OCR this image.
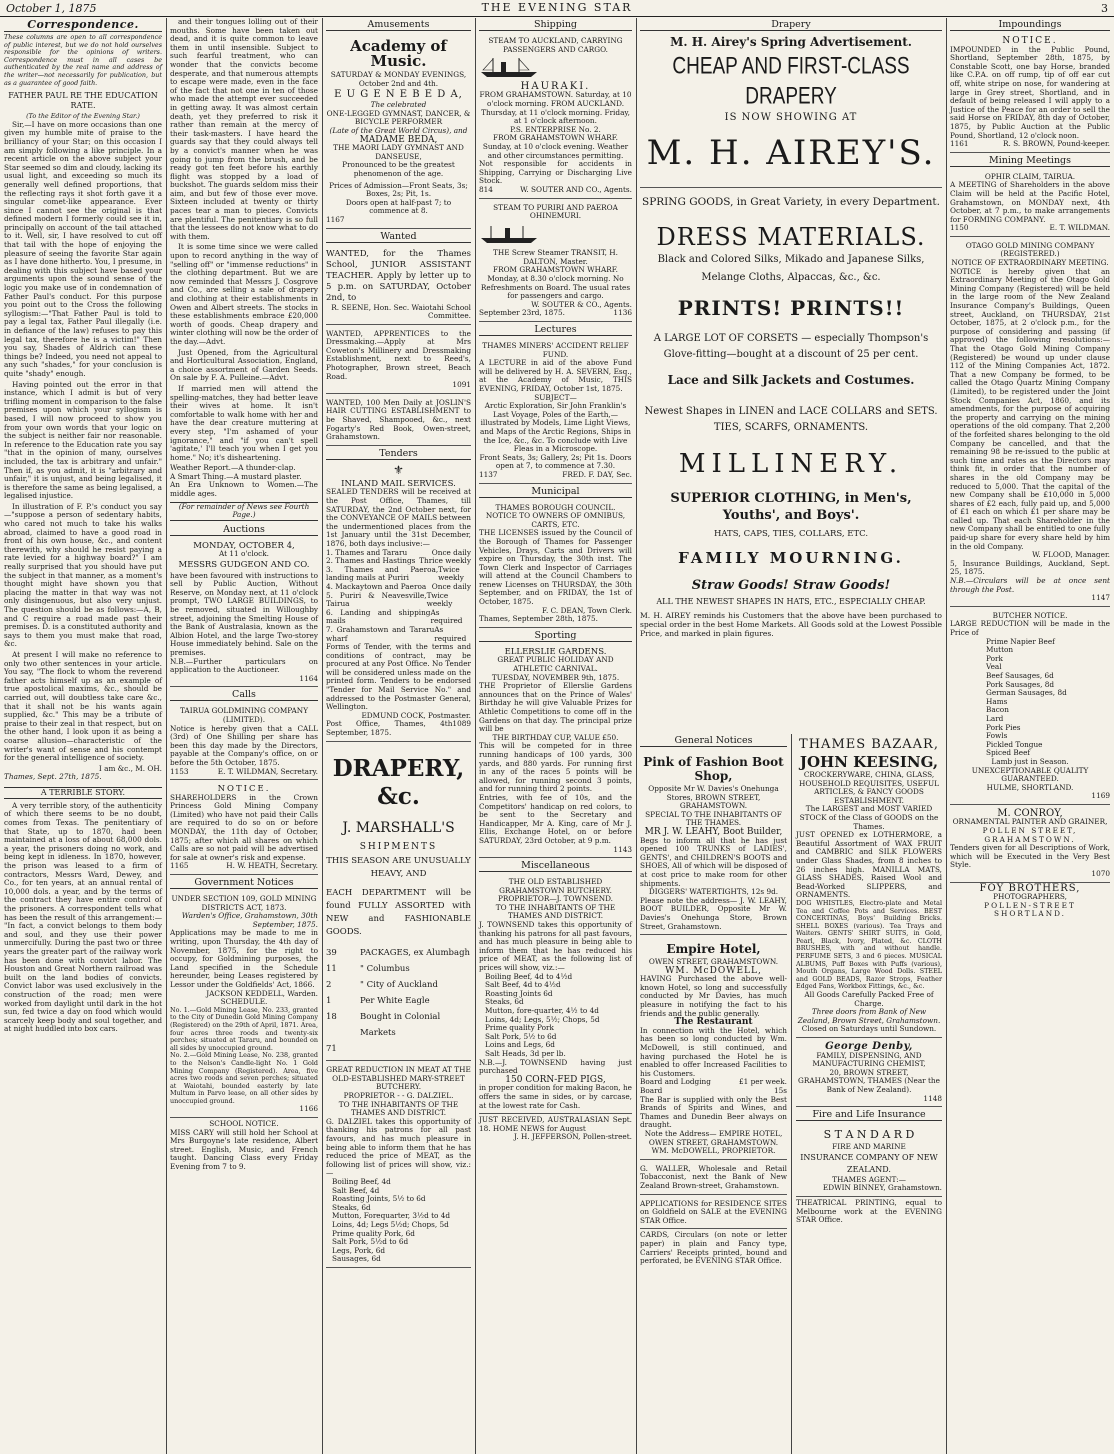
October 1, 1875	THE EVENING STAR	3
Correspondence.
These columns are open to all correspondence of public interest, but we do not hold ourselves responsible for the opinions of writers. Correspondence must in all cases be authenticated by the real name and address of the writer—not necessarily for publication, but as a guarantee of good faith.
FATHER PAUL RE THE EDUCATION RATE.
(To the Editor of the Evening Star.)

Sir,—I have on more occasions than one given my humble mite of praise to the brilliancy of your Star; on this occasion I am simply following a like principle. In a recent article on the above subject your Star seemed so dim and cloudy, lacking its usual light, and exceeding so much its generally well defined proportions, that the reflecting rays it shot forth gave it a singular comet-like appearance. Ever since I cannot see the original is that defined modern I formerly could see it in, principally on account of the tail attached to it. Well, sir, I have resolved to cut off that tail with the hope of enjoying the pleasure of seeing the favorite Star again as I have done hitherto. You, I presume, in dealing with this subject have based your arguments upon the sound sense of the logic you make use of in condemnation of Father Paul's conduct. For this purpose you point out to the Cross the following syllogism:—"That Father Paul is told to pay a legal tax, Father Paul illegally (i.e. in defiance of the law) refuses to pay this legal tax, therefore he is a victim!" Then you say, Shades of Aldrich can these things be? Indeed, you need not appeal to any such "shades," for your conclusion is quite "shady" enough.

Having pointed out the error in that instance, which I admit is but of very trifling moment in comparison to the false premises upon which your syllogism is based, I will now proceed to show you from your own words that your logic on the subject is neither fair nor reasonable. In reference to the Education rate you say "that in the opinion of many, ourselves included, the tax is arbitrary and unfair." Then if, as you admit, it is "arbitrary and unfair," it is unjust, and being legalised, it is therefore the same as being legalised, a legalised injustice.

In illustration of F. P.'s conduct you say—"suppose a person of sedentary habits, who cared not much to take his walks abroad, claimed to have a good road in front of his own house, &c., and content therewith, why should he resist paying a rate levied for a highway board?" I am really surprised that you should have put the subject in that manner, as a moment's thought might have shown you that placing the matter in that way was not only disingenuous, but also very unjust. The question should be as follows:—A, B, and C require a road made past their premises. D. is a constituted authority and says to them you must make that road, &c.

At present I will make no reference to only two other sentences in your article. You say, "The flock to whom the reverend father acts himself up as an example of true apostolical maxims, &c., should be carried out, will doubtless take care &c., that it shall not be his wants again supplied, &c." This may be a tribute of praise to their zeal in that respect, but on the other hand, I look upon it as being a coarse allusion—characteristic of the writer's want of sense and his contempt for the general intelligence of society.

I am &c., M. OH.
Thames, Sept. 27th, 1875.
A TERRIBLE STORY.

A very terrible story, of the authenticity of which there seems to be no doubt, comes from Texas. The penitentiary of that State, up to 1870, had been maintained at a loss of about 68,000 dols. a year, the prisoners doing no work, and being kept in idleness. In 1870, however, the prison was leased to a firm of contractors, Messrs Ward, Dewey, and Co., for ten years, at an annual rental of 10,000 dols. a year, and by the terms of the contract they have entire control of the prisoners. A correspondent tells what has been the result of this arrangement:— "In fact, a convict belongs to them body and soul, and they use their power unmercifully. During the past two or three years the greater part of the railway work has been done with convict labor. The Houston and Great Northern railroad was built on the land bodies of convicts. Convict labor was used exclusively in the construction of the road; men were worked from daylight until dark in the hot sun, fed twice a day on food which would scarcely keep body and soul together, and at night huddled into box cars.

and their tongues lolling out of their mouths. Some have been taken out dead, and it is quite common to leave them in until insensible. Subject to such fearful treatment, who can wonder that the convicts become desperate, and that numerous attempts to escape were made, even in the face of the fact that not one in ten of those who made the attempt ever succeeded in getting away. It was almost certain death, yet they preferred to risk it rather than remain at the mercy of their task-masters. I have heard the guards say that they could always tell by a convict's manner when he was going to jump from the brush, and be ready got ten feet before his earthly flight was stopped by a load of buckshot. The guards seldom miss their aim, and but few of those ever move. Sixteen included at twenty or thirty paces tear a man to pieces. Convicts are plentiful. The penitentiary is so full that the lessees do not know what to do with them.

It is some time since we were called upon to record anything in the way of "selling off" or "immense reductions" in the clothing department. But we are now reminded that Messrs J. Cosgrove and Co., are selling a sale of drapery and clothing at their establishments in Owen and Albert streets. The stocks in these establishments embrace £20,000 worth of goods. Cheap drapery and winter clothing will now be the order of the day.—Advt.

Just Opened, from the Agricultural and Horticultural Association, England, a choice assortment of Garden Seeds. On sale by F. A. Pulleine.—Advt.

If married men will attend the spelling-matches, they had better leave their wives at home. It isn't comfortable to walk home with her and have the dear creature muttering at every step, "I'm ashamed of your ignorance," and "if you can't spell 'agitate,' I'll teach you when I get you home." No; it's disheartening.

Weather Report.—A thunder-clap.
A Smart Thing.—A mustard plaster.
An Era Unknown to Women.—The middle ages.
(For remainder of News see Fourth Page.)
Auctions
MONDAY, OCTOBER 4,
At 11 o'clock.
MESSRS GUDGEON AND CO.
have been favoured with instructions to sell by Public Auction, Without Reserve, on Monday next, at 11 o'clock prompt, TWO LARGE BUILDINGS, to be removed, situated in Willoughby street, adjoining the Smelting House of the Bank of Australasia, known as the Albion Hotel, and the large Two-storey House immediately behind. Sale on the premises.
N.B.—Further particulars on application to the Auctioneer.
1164
Calls
TAIRUA GOLDMINING COMPANY (LIMITED).
Notice is hereby given that a CALL (3rd) of One Shilling per share has been this day made by the Directors, payable at the Company's office, on or before the 5th October, 1875.
1153	E. T. WILDMAN, Secretary.
NOTICE.
SHAREHOLDERS in the Crown Princess Gold Mining Company (Limited) who have not paid their Calls are required to do so on or before MONDAY, the 11th day of October, 1875; after which all shares on which Calls are so not paid will be advertised for sale at owner's risk and expense.
1165	H. W. HEATH, Secretary.
Government Notices
UNDER SECTION 109, GOLD MINING DISTRICTS ACT, 1873.
Warden's Office, Grahamstown, 30th September, 1875.
Applications may be made to me in writing, upon Thursday, the 4th day of November, 1875, for the right to occupy, for Goldmining purposes, the Land specified in the Schedule hereunder, being Leases registered by Lessor under the Goldfields' Act, 1866.
JACKSON KEDDELL, Warden.
SCHEDULE.
No. 1.—Gold Mining Lease, No. 233, granted to the City of Dunedin Gold Mining Company (Registered) on the 29th of April, 1871. Area, four acres three roods and twenty-six perches; situated at Tararu, and bounded on all sides by unoccupied ground.
No. 2.—Gold Mining Lease, No. 238, granted to the Nelson's Candle-light No. 1 Gold Mining Company (Registered). Area, five acres two roods and seven perches; situated at Waiotahi, bounded easterly by late Multum in Parvo lease, on all other sides by unoccupied ground.
1166
SCHOOL NOTICE.
MISS CARY will still hold her School at Mrs Burgoyne's late residence, Albert street. English, Music, and French taught. Dancing Class every Friday Evening from 7 to 9.
Amusements
Academy of Music.
SATURDAY & MONDAY EVENINGS, October 2nd and 4th.
E U G E N E B E D A,
The celebrated
ONE-LEGGED GYMNAST, DANCER, & BICYCLE PERFORMER
(Late of the Great World Circus), and
MADAME BEDA,
THE MAORI LADY GYMNAST AND DANSEUSE,
Pronounced to be the greatest phenomenon of the age.
Prices of Admission—Front Seats, 3s; Boxes, 2s; Pit, 1s.
Doors open at half-past 7; to commence at 8.
1167
Wanted
WANTED, for the Thames School, JUNIOR ASSISTANT TEACHER. Apply by letter up to 5 p.m. on SATURDAY, October 2nd, to
R. SEENE, Hon. Sec. Waiotahi School Committee.
WANTED, APPRENTICES to the Dressmaking.—Apply at Mrs Coweton's Millinery and Dressmaking Establishment, next to Reed's, Photographer, Brown street, Beach Road.
1091
WANTED, 100 Men Daily at JOSLIN'S HAIR CUTTING ESTABLISHMENT to be Shaved, Shampooed, &c., next Fogarty's Red Book, Owen-street, Grahamstown.
Tenders
⚜
INLAND MAIL SERVICES.
SEALED TENDERS will be received at the Post Office, Thames, till SATURDAY, the 2nd October next, for the CONVEYANCE OF MAILS between the undermentioned places from the 1st January until the 31st December, 1876, both days inclusive:—
1. Thames and Tararu	Once daily
2. Thames and Hastings Thrice weekly
3. Thames and Paeroa, landing mails at Puriri
Twice weekly
4. Mackaytown and Paeroa Once daily
5. Puriri & Neavesville, Tairua
Twice weekly
6. Landing and shipping mails
As required
7. Grahamstown and Tararu wharf
As required
Forms of Tender, with the terms and conditions of contract, may be procured at any Post Office. No Tender will be considered unless made on the printed form. Tenders to be endorsed "Tender for Mail Service No." and addressed to the Postmaster General, Wellington.
EDMUND COCK, Postmaster.
Post Office, Thames, 4th September, 1875.
1089
DRAPERY, &c.
J. MARSHALL'S
SHIPMENTS
THIS SEASON ARE UNUSUALLY HEAVY, AND
EACH DEPARTMENT will be found FULLY ASSORTED with NEW and FASHIONABLE GOODS.
39	PACKAGES, ex Alumbagh
11	" Columbus
2	" City of Auckland
1	Per White Eagle
18	Bought in Colonial Markets
71
GREAT REDUCTION IN MEAT AT THE OLD-ESTABLISHED MARY-STREET BUTCHERY.
PROPRIETOR - - G. DALZIEL.
TO THE INHABITANTS OF THE THAMES AND DISTRICT.
G. DALZIEL takes this opportunity of thanking his patrons for all past favours, and has much pleasure in being able to inform them that he has reduced the price of MEAT, as the following list of prices will show, viz.:—
Boiling Beef, 4d
Salt Beef, 4d
Roasting Joints, 5½ to 6d
Steaks, 6d
Mutton, Forequarter, 3½d to 4d
Loins, 4d; Legs 5½d; Chops, 5d
Prime quality Pork, 6d
Salt Pork, 5½d to 6d
Legs, Pork, 6d
Sausages, 6d
Shipping
STEAM TO AUCKLAND, CARRYING PASSENGERS AND CARGO.
HAURAKI.
FROM GRAHAMSTOWN. Saturday, at 10 o'clock morning. FROM AUCKLAND. Thursday, at 11 o'clock morning. Friday, at 1 o'clock afternoon.
P.S. ENTERPRISE No. 2.
FROM GRAHAMSTOWN WHARF. Sunday, at 10 o'clock evening. Weather and other circumstances permitting.
Not responsible for accidents in Shipping, Carrying or Discharging Live Stock.
814	W. SOUTER AND CO., Agents.
STEAM TO PURIRI AND PAEROA OHINEMURI.
THE Screw Steamer TRANSIT, H. DALTON, Master.
FROM GRAHAMSTOWN WHARF. Monday, at 8.30 o'clock morning. No Refreshments on Board. The usual rates for passengers and cargo.
W. SOUTER & CO., Agents.
September 23rd, 1875.	1136
Lectures
THAMES MINERS' ACCIDENT RELIEF FUND.
A LECTURE in aid of the above Fund will be delivered by H. A. SEVERN, Esq., at the Academy of Music, THIS EVENING, FRIDAY, October 1st, 1875.
SUBJECT—
Arctic Exploration, Sir John Franklin's Last Voyage, Poles of the Earth,—illustrated by Models, Lime Light Views, and Maps of the Arctic Regions, Ships in the Ice, &c., &c. To conclude with Live Fleas in a Microscope.
Front Seats, 3s; Gallery, 2s; Pit 1s. Doors open at 7, to commence at 7.30.
1137	FRED. F. DAY, Sec.
Municipal
THAMES BOROUGH COUNCIL.
NOTICE TO OWNERS OF OMNIBUS, CARTS, ETC.
THE LICENSES issued by the Council of the Borough of Thames for Passenger Vehicles, Drays, Carts and Drivers will expire on Thursday, the 30th inst. The Town Clerk and Inspector of Carriages will attend at the Council Chambers to renew Licenses on THURSDAY, the 30th September, and on FRIDAY, the 1st of October, 1875.
F. C. DEAN, Town Clerk.
Thames, September 28th, 1875.
Sporting
ELLERSLIE GARDENS.
GREAT PUBLIC HOLIDAY AND ATHLETIC CARNIVAL.
TUESDAY, NOVEMBER 9th, 1875.
THE Proprietor of Ellerslie Gardens announces that on the Prince of Wales' Birthday he will give Valuable Prizes for Athletic Competitions to come off in the Gardens on that day. The principal prize will be
THE BIRTHDAY CUP, VALUE £50.
This will be competed for in three running handicaps of 100 yards, 300 yards, and 880 yards. For running first in any of the races 5 points will be allowed, for running second 3 points, and for running third 2 points.
Entries, with fee of 10s, and the Competitors' handicap on red colors, to be sent to the Secretary and Handicapper, Mr A. King, care of Mr J. Ellis, Exchange Hotel, on or before SATURDAY, 23rd October, at 9 p.m.
1143
Miscellaneous
THE OLD ESTABLISHED GRAHAMSTOWN BUTCHERY.
PROPRIETOR—J. TOWNSEND.
TO THE INHABITANTS OF THE THAMES AND DISTRICT.
J. TOWNSEND takes this opportunity of thanking his patrons for all past favours, and has much pleasure in being able to inform them that he has reduced his price of MEAT, as the following list of prices will show, viz.:—
Boiling Beef, 4d to 4½d
Salt Beef, 4d to 4½d
Roasting Joints 6d
Steaks, 6d
Mutton, fore-quarter, 4½ to 4d
Loins, 4d; Legs, 5½; Chops, 5d
Prime quality Pork
Salt Pork, 5½ to 6d
Loins and Legs, 6d
Salt Heads, 3d per lb.
N.B.—J. TOWNSEND having just purchased
150 CORN-FED PIGS,
in proper condition for making Bacon, he offers the same in sides, or by carcase, at the lowest rate for Cash.
JUST RECEIVED, AUSTRALASIAN Sept. 18. HOME NEWS for August
J. H. JEFFERSON, Pollen-street.
Drapery
M. H. Airey's Spring Advertisement.
CHEAP AND FIRST-CLASS DRAPERY
IS NOW SHOWING AT
M. H. AIREY'S.
SPRING GOODS, in Great Variety, in every Department.
DRESS MATERIALS.
Black and Colored Silks, Mikado and Japanese Silks, Melange Cloths, Alpaccas, &c., &c.
PRINTS! PRINTS!!
A LARGE LOT OF CORSETS — especially Thompson's Glove-fitting—bought at a discount of 25 per cent.
Lace and Silk Jackets and Costumes.
Newest Shapes in LINEN and LACE COLLARS and SETS. TIES, SCARFS, ORNAMENTS.
MILLINERY.
SUPERIOR CLOTHING, in Men's, Youths', and Boys'.
HATS, CAPS, TIES, COLLARS, ETC.
FAMILY MOURNING.
Straw Goods! Straw Goods!
ALL THE NEWEST SHAPES IN HATS, ETC., ESPECIALLY CHEAP.
M. H. AIREY reminds his Customers that the above have been purchased to special order in the best Home Markets. All Goods sold at the Lowest Possible Price, and marked in plain figures.
General Notices
Pink of Fashion Boot Shop,
Opposite Mr W. Davies's Onehunga Stores, BROWN STREET, GRAHAMSTOWN.
SPECIAL TO THE INHABITANTS OF THE THAMES.
MR J. W. LEAHY, Boot Builder,
Begs to inform all that he has just opened 100 TRUNKS of LADIES', GENTS', and CHILDREN'S BOOTS and SHOES, All of which will be disposed of at cost price to make room for other shipments.
DIGGERS' WATERTIGHTS, 12s 9d.
Please note the address— J. W. LEAHY, BOOT BUILDER, Opposite Mr W. Davies's Onehunga Store, Brown Street, Grahamstown.
Empire Hotel,
OWEN STREET, GRAHAMSTOWN.
WM. McDOWELL,
HAVING Purchased the above well-known Hotel, so long and successfully conducted by Mr Davies, has much pleasure in notifying the fact to his friends and the public generally.
The Restaurant
In connection with the Hotel, which has been so long conducted by Wm. McDowell, is still continued, and having purchased the Hotel he is enabled to offer Increased Facilities to his Customers.
Board and Lodging	£1 per week.
Board	15s
The Bar is supplied with only the Best Brands of Spirits and Wines, and Thames and Dunedin Beer always on draught.
Note the Address— EMPIRE HOTEL, OWEN STREET, GRAHAMSTOWN. WM. McDOWELL, PROPRIETOR.
G. WALLER, Wholesale and Retail Tobacconist, next the Bank of New Zealand Brown-street, Grahamstown.
APPLICATIONS for RESIDENCE SITES on Goldfield on SALE at the EVENING STAR Office.
CARDS, Circulars (on note or letter paper) in plain and Fancy type, Carriers' Receipts printed, bound and perforated, be EVENING STAR Office.
THAMES BAZAAR,
JOHN KEESING,
CROCKERYWARE, CHINA, GLASS, HOUSEHOLD REQUISITES, USEFUL ARTICLES, & FANCY GOODS ESTABLISHMENT.
The LARGEST and MOST VARIED STOCK of the Class of GOODS on the Thames.
JUST OPENED ex LOTHERMORE, a Beautiful Assortment of WAX FRUIT and CAMBRIC and SILK FLOWERS under Glass Shades, from 8 inches to 26 inches high. MANILLA MATS, GLASS SHADES, Raised Wool and Bead-Worked SLIPPERS, and ORNAMENTS.
DOG WHISTLES, Electro-plate and Metal Tea and Coffee Pots and Services. BEST CONCERTINAS, Boys' Building Bricks. SHELL BOXES (various). Tea Trays and Waiters. GENTS' SHIRT SUITS, in Gold, Pearl, Black, Ivory, Plated, &c. CLOTH BRUSHES, with and without handle. PERFUME SETS, 3 and 6 pieces. MUSICAL ALBUMS, Puff Boxes with Puffs (various), Mouth Organs, Large Wood Dolls. STEEL and GOLD BEADS, Razor Strops, Feather Edged Fans, Workbox Fittings, &c., &c.
All Goods Carefully Packed Free of Charge.
Three doors from Bank of New Zealand, Brown Street, Grahamstown.
Closed on Saturdays until Sundown.
George Denby,
FAMILY, DISPENSING, AND MANUFACTURING CHEMIST,
20, BROWN STREET, GRAHAMSTOWN, THAMES (Near the Bank of New Zealand).
1148
Fire and Life Insurance
S T A N D A R D
FIRE AND MARINE
INSURANCE COMPANY OF NEW ZEALAND.
THAMES AGENT:—
EDWIN BINNEY, Grahamstown.
THEATRICAL PRINTING, equal to Melbourne work at the EVENING STAR Office.
Impoundings
NOTICE.
IMPOUNDED in the Public Pound, Shortland, September 28th, 1875, by Constable Scott, one bay Horse, branded like C.P.A. on off rump, tip of off ear cut off, white stripe on nose, for wandering at large in Grey street, Shortland, and in default of being released I will apply to a Justice of the Peace for an order to sell the said Horse on FRIDAY, 8th day of October, 1875, by Public Auction at the Public Pound, Shortland, 12 o'clock noon.
1161	R. S. BROWN, Pound-keeper.
Mining Meetings
OPHIR CLAIM, TAIRUA.
A MEETING of Shareholders in the above Claim will be held at the Pacific Hotel, Grahamstown, on MONDAY next, 4th October, at 7 p.m., to make arrangements for FORMING COMPANY.
1150	E. T. WILDMAN.
OTAGO GOLD MINING COMPANY (REGISTERED.)
NOTICE OF EXTRAORDINARY MEETING.
NOTICE is hereby given that an Extraordinary Meeting of the Otago Gold Mining Company (Registered) will be held in the large room of the New Zealand Insurance Company's Buildings, Queen street, Auckland, on THURSDAY, 21st October, 1875, at 2 o'clock p.m., for the purpose of considering and passing (if approved) the following resolutions:— That the Otago Gold Mining Company (Registered) be wound up under clause 112 of the Mining Companies Act, 1872. That a new Company be formed, to be called the Otago Quartz Mining Company (Limited), to be registered under the Joint Stock Companies Act, 1860, and its amendments, for the purpose of acquiring the property and carrying on the mining operations of the old company. That 2,200 of the forfeited shares belonging to the old Company be cancelled, and that the remaining 98 be re-issued to the public at such time and rates as the Directors may think fit, in order that the number of shares in the old Company may be reduced to 5,000. That the capital of the new Company shall be £10,000 in 5,000 shares of £2 each, fully paid up, and 5,000 of £1 each on which £1 per share may be called up. That each Shareholder in the new Company shall be entitled to one fully paid-up share for every share held by him in the old Company.
W. FLOOD, Manager.
5, Insurance Buildings, Auckland, Sept. 25, 1875.
N.B.—Circulars will be at once sent through the Post.
1147
BUTCHER NOTICE.
LARGE REDUCTION will be made in the Price of
Prime Napier Beef
Mutton
Pork
Veal
Beef Sausages, 6d
Pork Sausages, 8d
German Sausages, 8d
Hams
Bacon
Lard
Pork Pies
Fowls
Pickled Tongue
Spiced Beef
Lamb just in Season.
UNEXCEPTIONABLE QUALITY GUARANTEED.
HULME, SHORTLAND.
1169
M. CONROY,
ORNAMENTAL PAINTER AND GRAINER,
POLLEN STREET, GRAHAMSTOWN.
Tenders given for all Descriptions of Work, which will be Executed in the Very Best Style.
1070
FOY BROTHERS,
PHOTOGRAPHERS,
POLLEN-STREET SHORTLAND.
